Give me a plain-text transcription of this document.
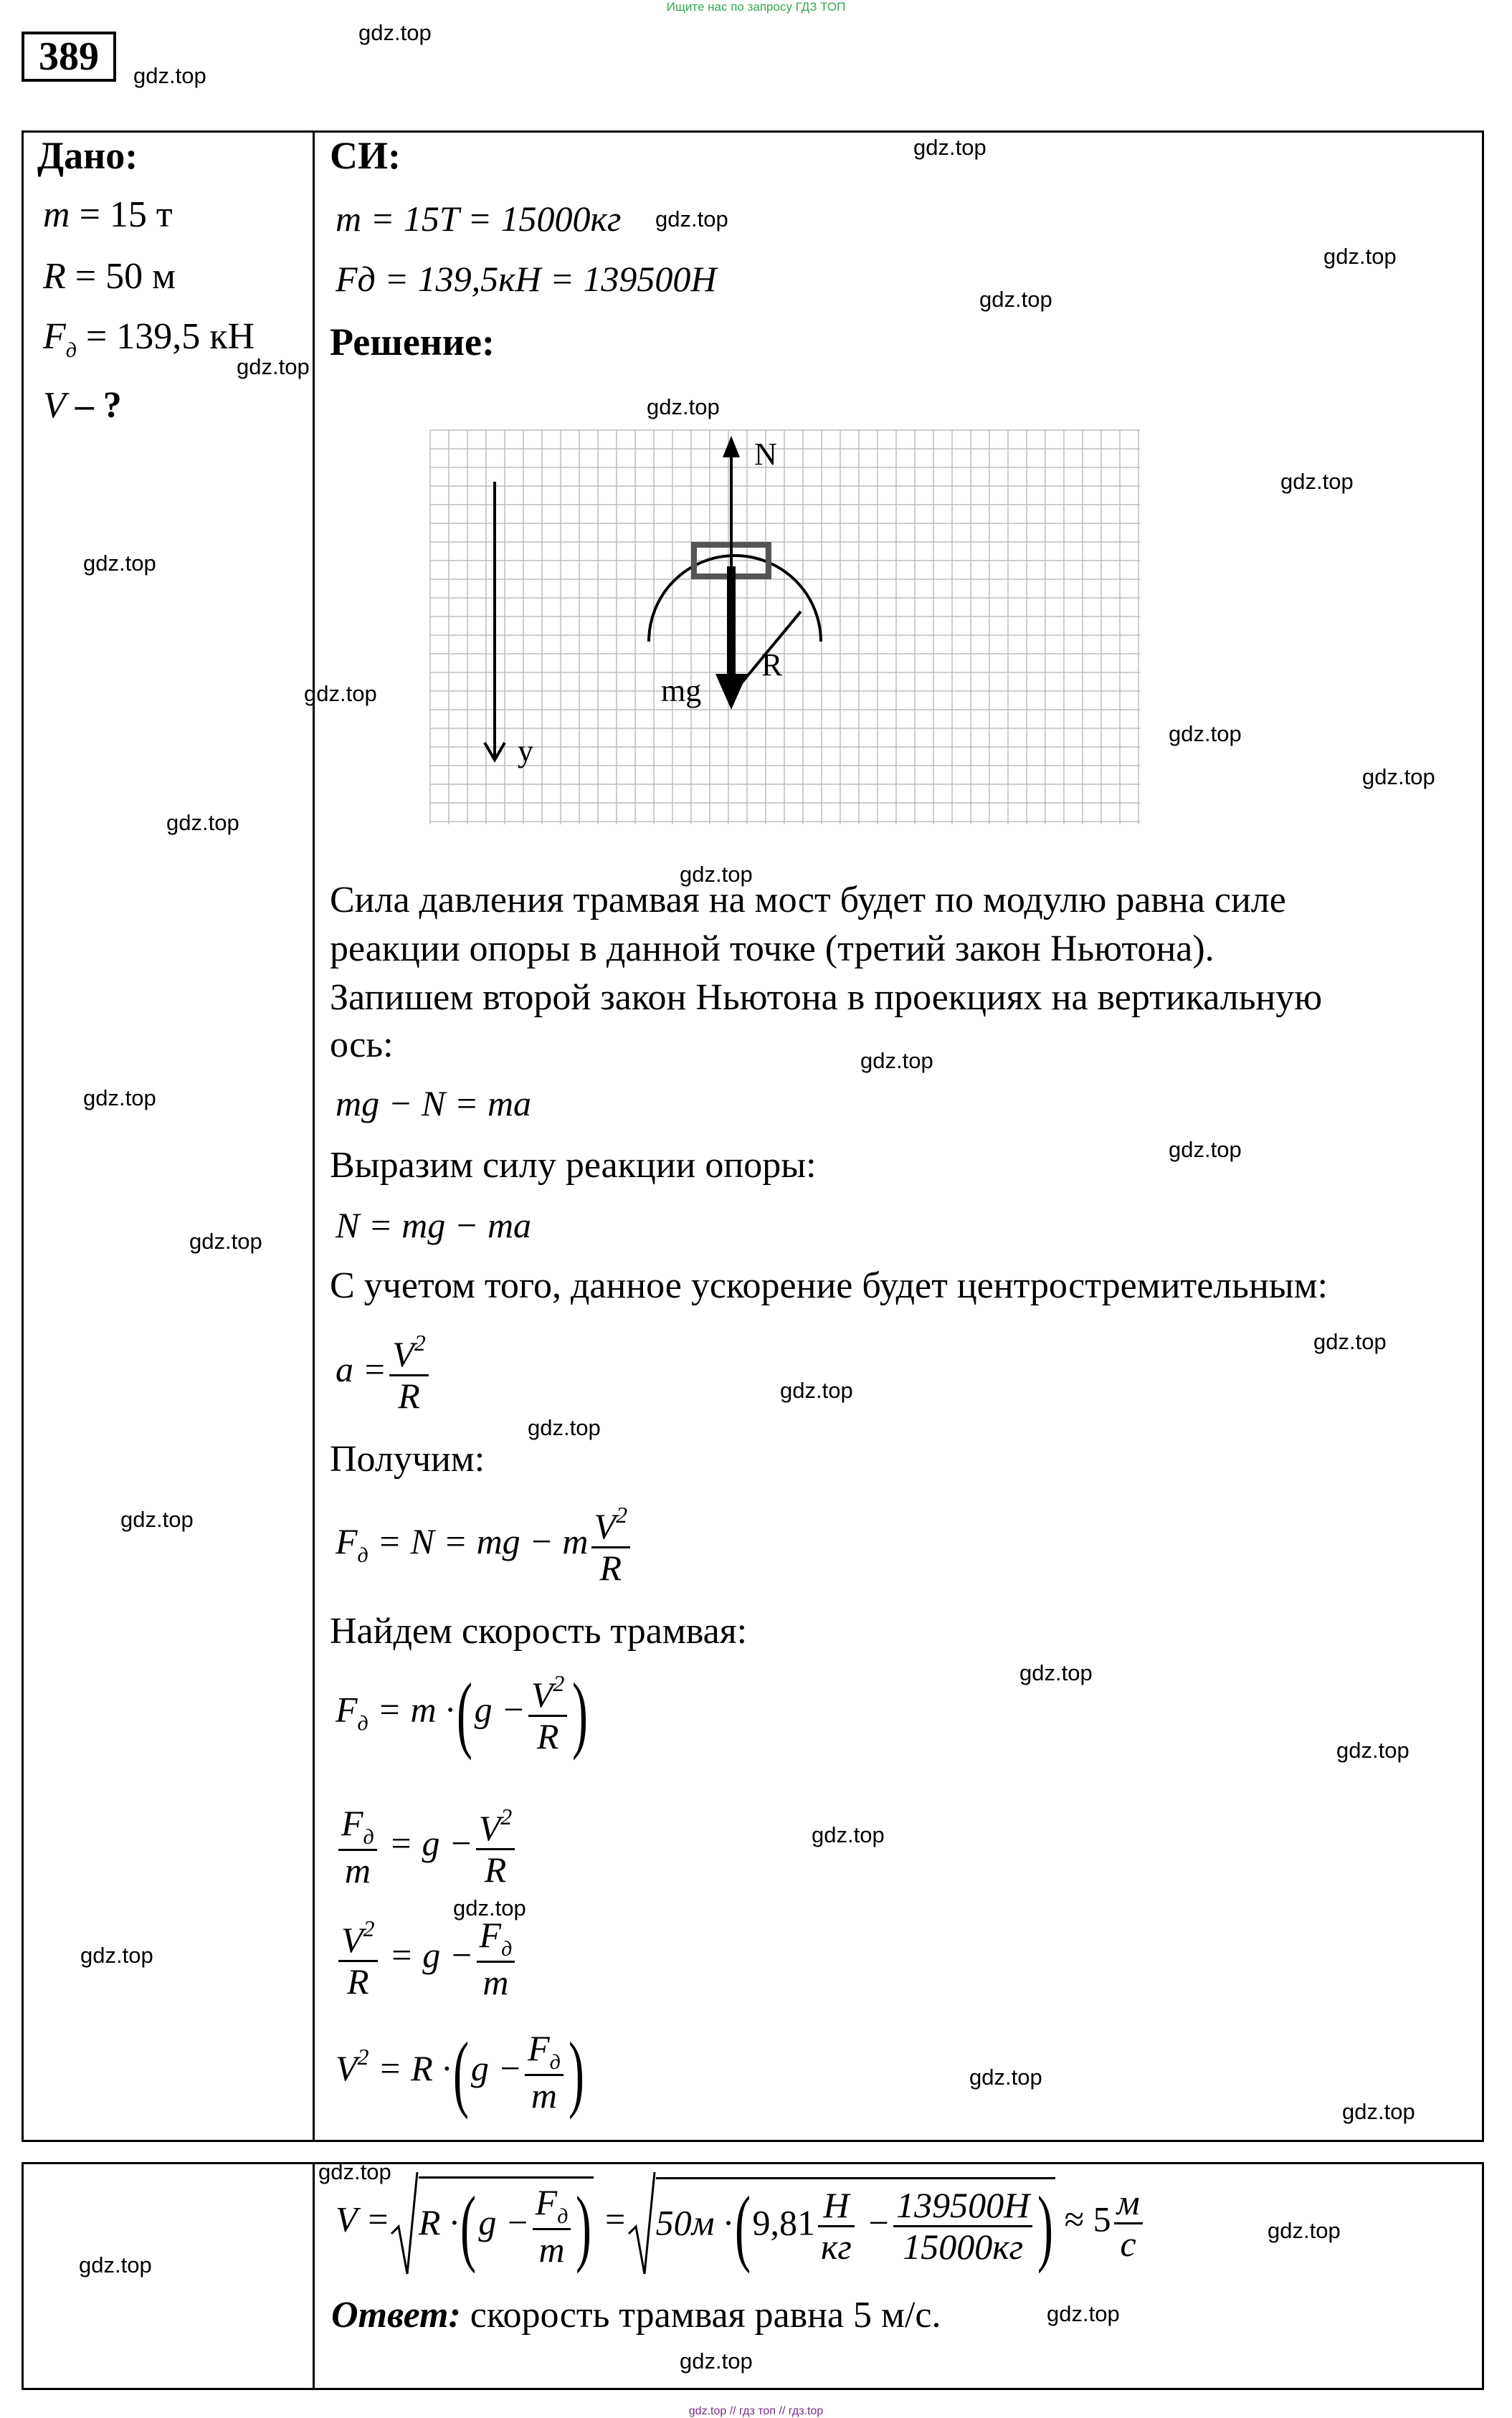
Ищите нас по запросу ГДЗ ТОП
389
Дано:
m = 15 т
R = 50 м
$F_д = 139,5$ кН
V – ?
СИ:
m = 15T = 15000кг
Fд = 139,5кН = 139500H
Решение:
N
mg
R
y
Сила давления трамвая на мост будет по модулю равна силе
реакции опоры в данной точке (третий закон Ньютона).
Запишем второй закон Ньютона в проекциях на вертикальную
ось:
mg − N = ma
Выразим силу реакции опоры:
N = mg − ma
С учетом того, данное ускорение будет центростремительным:
$a = \frac{V^2}{R}$
Получим:
$F_д = N$ = mg − m $\frac{V^2}{R}$
Найдем скорость трамвая:
$F_д = m \cdot(g - \frac{V^2}{R}$ )
$\frac{F_д}{m} = g - \frac{V^2}{R}$
$\frac{V^2}{R} = g - \frac{F_д}{m}$
$V^2 = R \cdot(g - \frac{F_д}{m}$ )
$V = R \cdot(g - \frac{F_д}{m}$ ) = $50м \cdot(9,81 \frac{H}{кг} - \frac{139500H}{15000кг}$ ) ≈ $5 \frac{м}{с}$
Ответ: скорость трамвая равна 5 м/с.
gdz.top
gdz.top
gdz.top
gdz.top
gdz.top
gdz.top
gdz.top
gdz.top
gdz.top
gdz.top
gdz.top
gdz.top
gdz.top
gdz.top
gdz.top
gdz.top
gdz.top
gdz.top
gdz.top
gdz.top
gdz.top
gdz.top
gdz.top
gdz.top
gdz.top
gdz.top
gdz.top
gdz.top
gdz.top
gdz.top
gdz.top
gdz.top
gdz.top
gdz.top
gdz.top
gdz.top // гдз топ // гдз.top
